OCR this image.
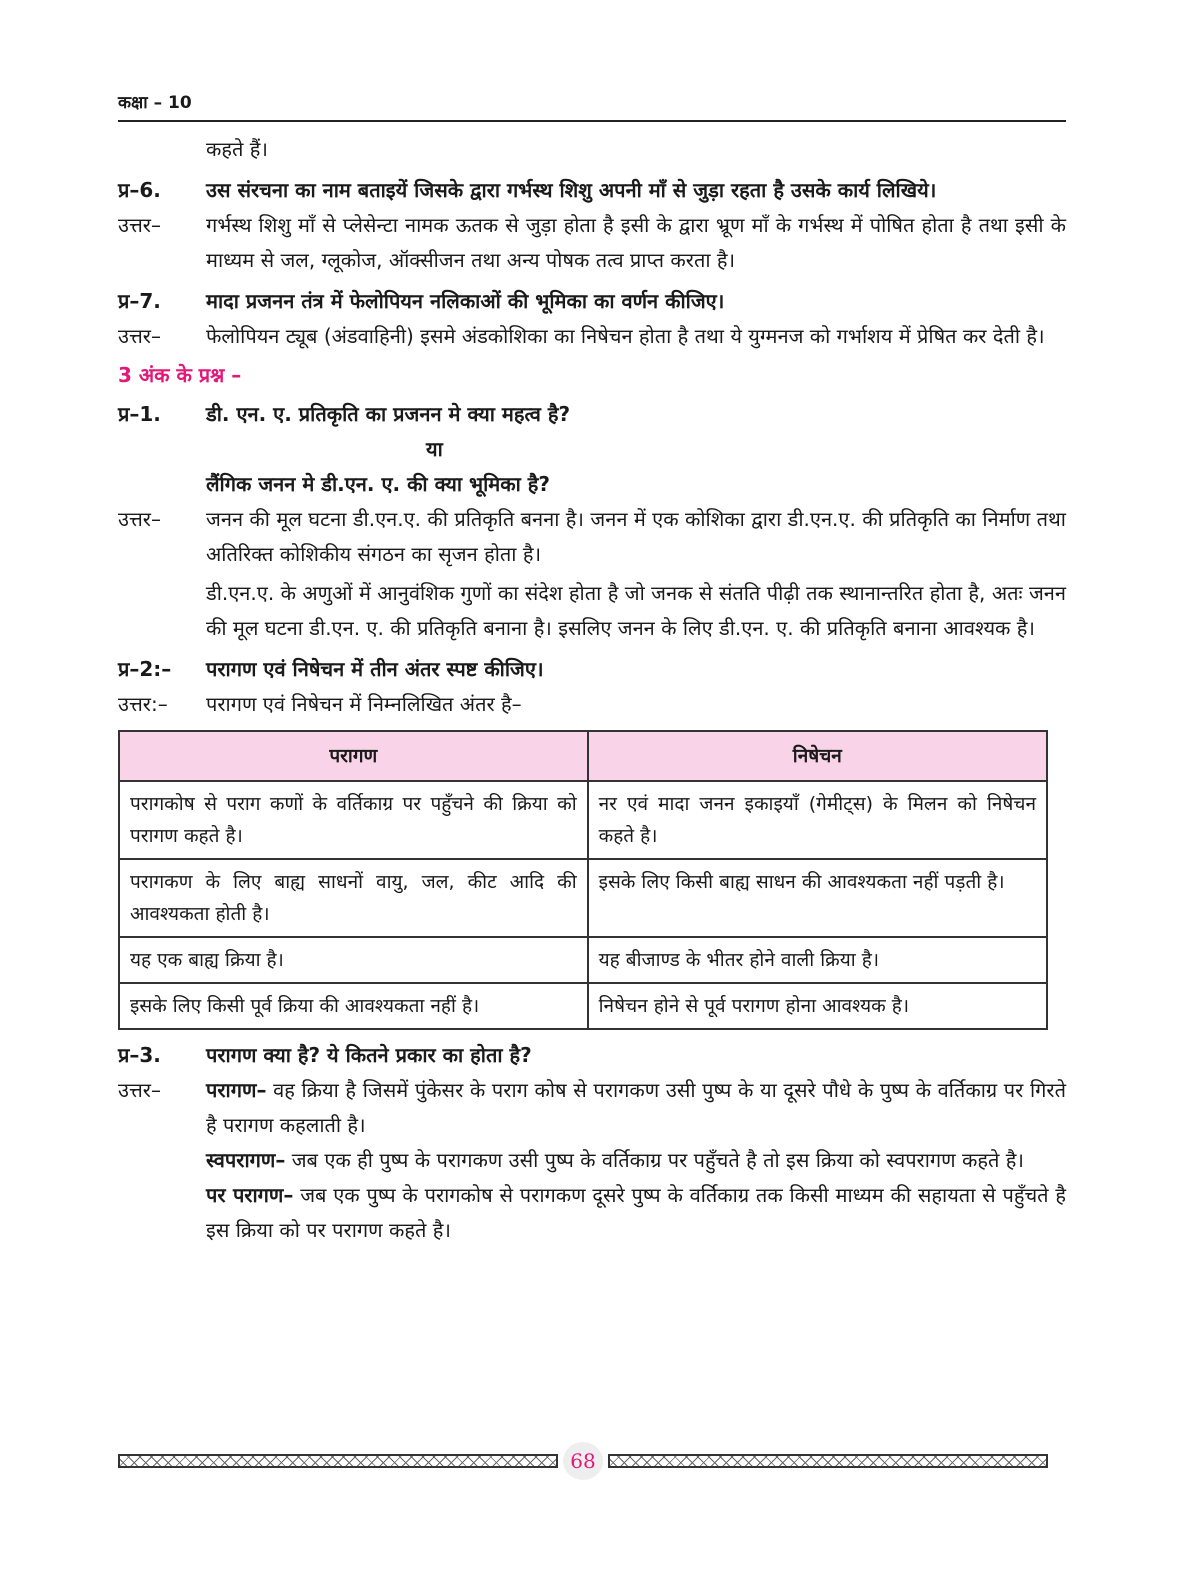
कक्षा – 10
कहते हैं।
प्र–6.	उस संरचना का नाम बताइयें जिसके द्वारा गर्भस्थ शिशु अपनी माँ से जुड़ा रहता है उसके कार्य लिखिये।
उत्तर–	गर्भस्थ शिशु माँ से प्लेसेन्टा नामक ऊतक से जुड़ा होता है इसी के द्वारा भ्रूण माँ के गर्भस्थ में पोषित होता है तथा इसी के माध्यम से जल, ग्लूकोज, ऑक्सीजन तथा अन्य पोषक तत्व प्राप्त करता है।
प्र–7.	मादा प्रजनन तंत्र में फेलोपियन नलिकाओं की भूमिका का वर्णन कीजिए।
उत्तर–	फेलोपियन ट्यूब (अंडवाहिनी) इसमे अंडकोशिका का निषेचन होता है तथा ये युग्मनज को गर्भाशय में प्रेषित कर देती है।
3 अंक के प्रश्न –
प्र–1.	डी. एन. ए. प्रतिकृति का प्रजनन मे क्या महत्व है?
या
लैंगिक जनन मे डी.एन. ए. की क्या भूमिका है?
उत्तर–	जनन की मूल घटना डी.एन.ए. की प्रतिकृति बनना है। जनन में एक कोशिका द्वारा डी.एन.ए. की प्रतिकृति का निर्माण तथा अतिरिक्त कोशिकीय संगठन का सृजन होता है।
डी.एन.ए. के अणुओं में आनुवंशिक गुणों का संदेश होता है जो जनक से संतति पीढ़ी तक स्थानान्तरित होता है, अतः जनन की मूल घटना डी.एन. ए. की प्रतिकृति बनाना है। इसलिए जनन के लिए डी.एन. ए. की प्रतिकृति बनाना आवश्यक है।
प्र–2:–	परागण एवं निषेचन में तीन अंतर स्पष्ट कीजिए।
उत्तर:–	परागण एवं निषेचन में निम्नलिखित अंतर है–
परागण	निषेचन
परागकोष से पराग कणों के वर्तिकाग्र पर पहुँचने की क्रिया को परागण कहते है।	नर एवं मादा जनन इकाइयाँ (गेमीट्स) के मिलन को निषेचन कहते है।
परागकण के लिए बाह्य साधनों वायु, जल, कीट आदि की आवश्यकता होती है।	इसके लिए किसी बाह्य साधन की आवश्यकता नहीं पड़ती है।
यह एक बाह्य क्रिया है।	यह बीजाण्ड के भीतर होने वाली क्रिया है।
इसके लिए किसी पूर्व क्रिया की आवश्यकता नहीं है।	निषेचन होने से पूर्व परागण होना आवश्यक है।
प्र–3.	परागण क्या है? ये कितने प्रकार का होता है?
उत्तर–	परागण– वह क्रिया है जिसमें पुंकेसर के पराग कोष से परागकण उसी पुष्प के या दूसरे पौधे के पुष्प के वर्तिकाग्र पर गिरते है परागण कहलाती है।
स्वपरागण– जब एक ही पुष्प के परागकण उसी पुष्प के वर्तिकाग्र पर पहुँचते है तो इस क्रिया को स्वपरागण कहते है।
पर परागण– जब एक पुष्प के परागकोष से परागकण दूसरे पुष्प के वर्तिकाग्र तक किसी माध्यम की सहायता से पहुँचते है इस क्रिया को पर परागण कहते है।
68
